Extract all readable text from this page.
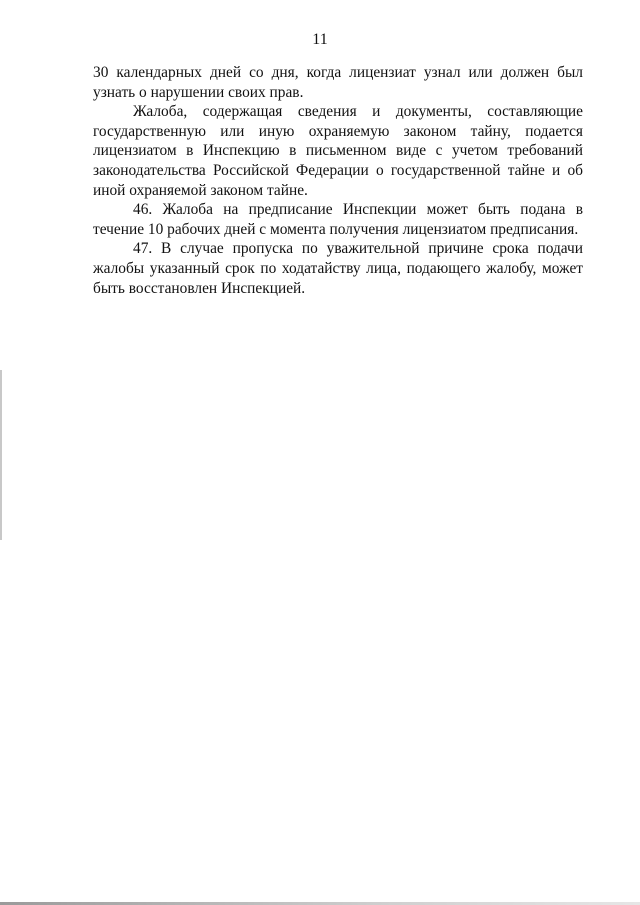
11

30 календарных дней со дня, когда лицензиат узнал или должен был узнать о нарушении своих прав.

Жалоба, содержащая сведения и документы, составляющие государственную или иную охраняемую законом тайну, подается лицензиатом в Инспекцию в письменном виде с учетом требований законодательства Российской Федерации о государственной тайне и об иной охраняемой законом тайне.

46. Жалоба на предписание Инспекции может быть подана в течение 10 рабочих дней с момента получения лицензиатом предписания.

47. В случае пропуска по уважительной причине срока подачи жалобы указанный срок по ходатайству лица, подающего жалобу, может быть восстановлен Инспекцией.
